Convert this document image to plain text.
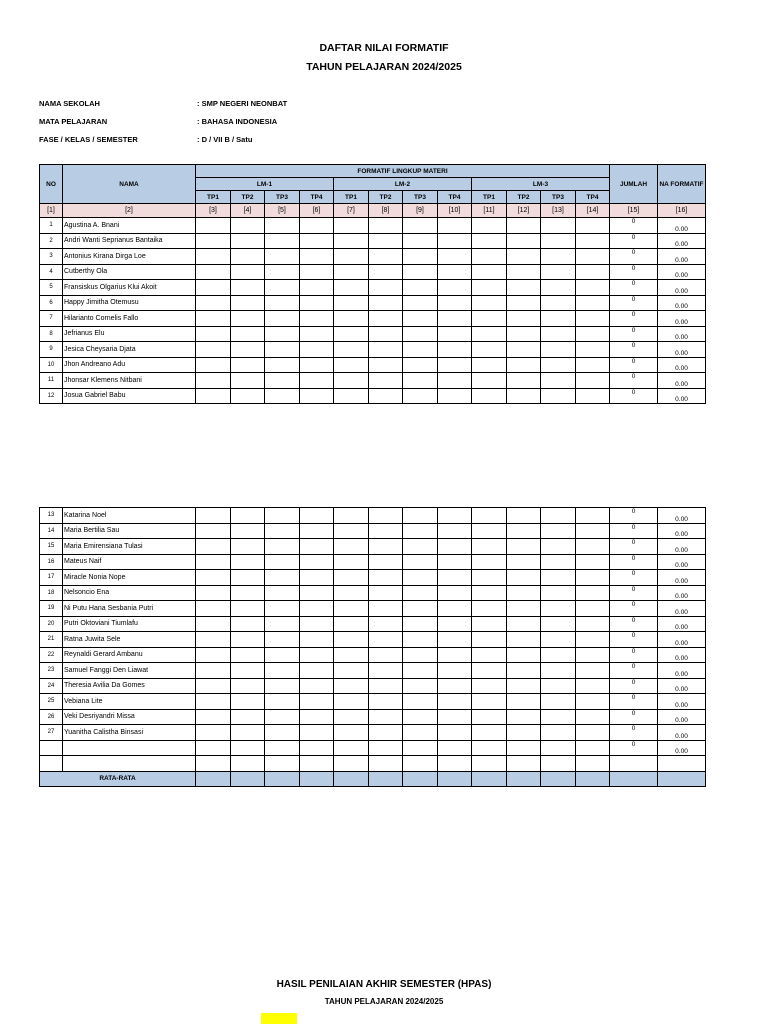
DAFTAR NILAI FORMATIF
TAHUN PELAJARAN 2024/2025
NAMA SEKOLAH	: SMP NEGERI NEONBAT
MATA PELAJARAN	: BAHASA INDONESIA
FASE / KELAS / SEMESTER	: D / VII B / Satu
NO	NAMA	FORMATIF LINGKUP MATERI												JUMLAH	NA FORMATIF
		LM-1				LM-2				LM-3					
		TP1	TP2	TP3	TP4	TP1	TP2	TP3	TP4	TP1	TP2	TP3	TP4		
[1]	[2]	[3]	[4]	[5]	[6]	[7]	[8]	[9]	[10]	[11]	[12]	[13]	[14]	[15]	[16]
1	Agustina A. Bnani													0	0.00
2	Andri Wanti Seprianus Bantaika													0	0.00
3	Antonius Kirana Dirga Loe													0	0.00
4	Cutberthy Ola													0	0.00
5	Fransiskus Olgarius Klui Akoit													0	0.00
6	Happy Jimitha Otemusu													0	0.00
7	Hilarianto Cornelis Fallo													0	0.00
8	Jefrianus Elu													0	0.00
9	Jesica Cheysaria Djata													0	0.00
10	Jhon Andreano Adu													0	0.00
11	Jhonsar Klemens Nitbani													0	0.00
12	Josua Gabriel Babu													0	0.00
13	Katarina Noel													0	0.00
14	Maria Bertilia Sau													0	0.00
15	Maria Emirensiana Tulasi													0	0.00
16	Mateus Naif													0	0.00
17	Miracle Nonia Nope													0	0.00
18	Nelsoncio Ena													0	0.00
19	Ni Putu Hana Sesbania Putri													0	0.00
20	Putri Oktoviani Tiumlafu													0	0.00
21	Ratna Juwita Sele													0	0.00
22	Reynaldi Gerard Ambanu													0	0.00
23	Samuel Fanggi Den Liawat													0	0.00
24	Theresia Avilia Da Gomes													0	0.00
25	Vebiana Lite													0	0.00
26	Veki Desriyandri Missa													0	0.00
27	Yuanitha Calistha Binsasi													0	0.00
														0	0.00

RATA-RATA															
HASIL PENILAIAN AKHIR SEMESTER (HPAS)
TAHUN PELAJARAN 2024/2025
